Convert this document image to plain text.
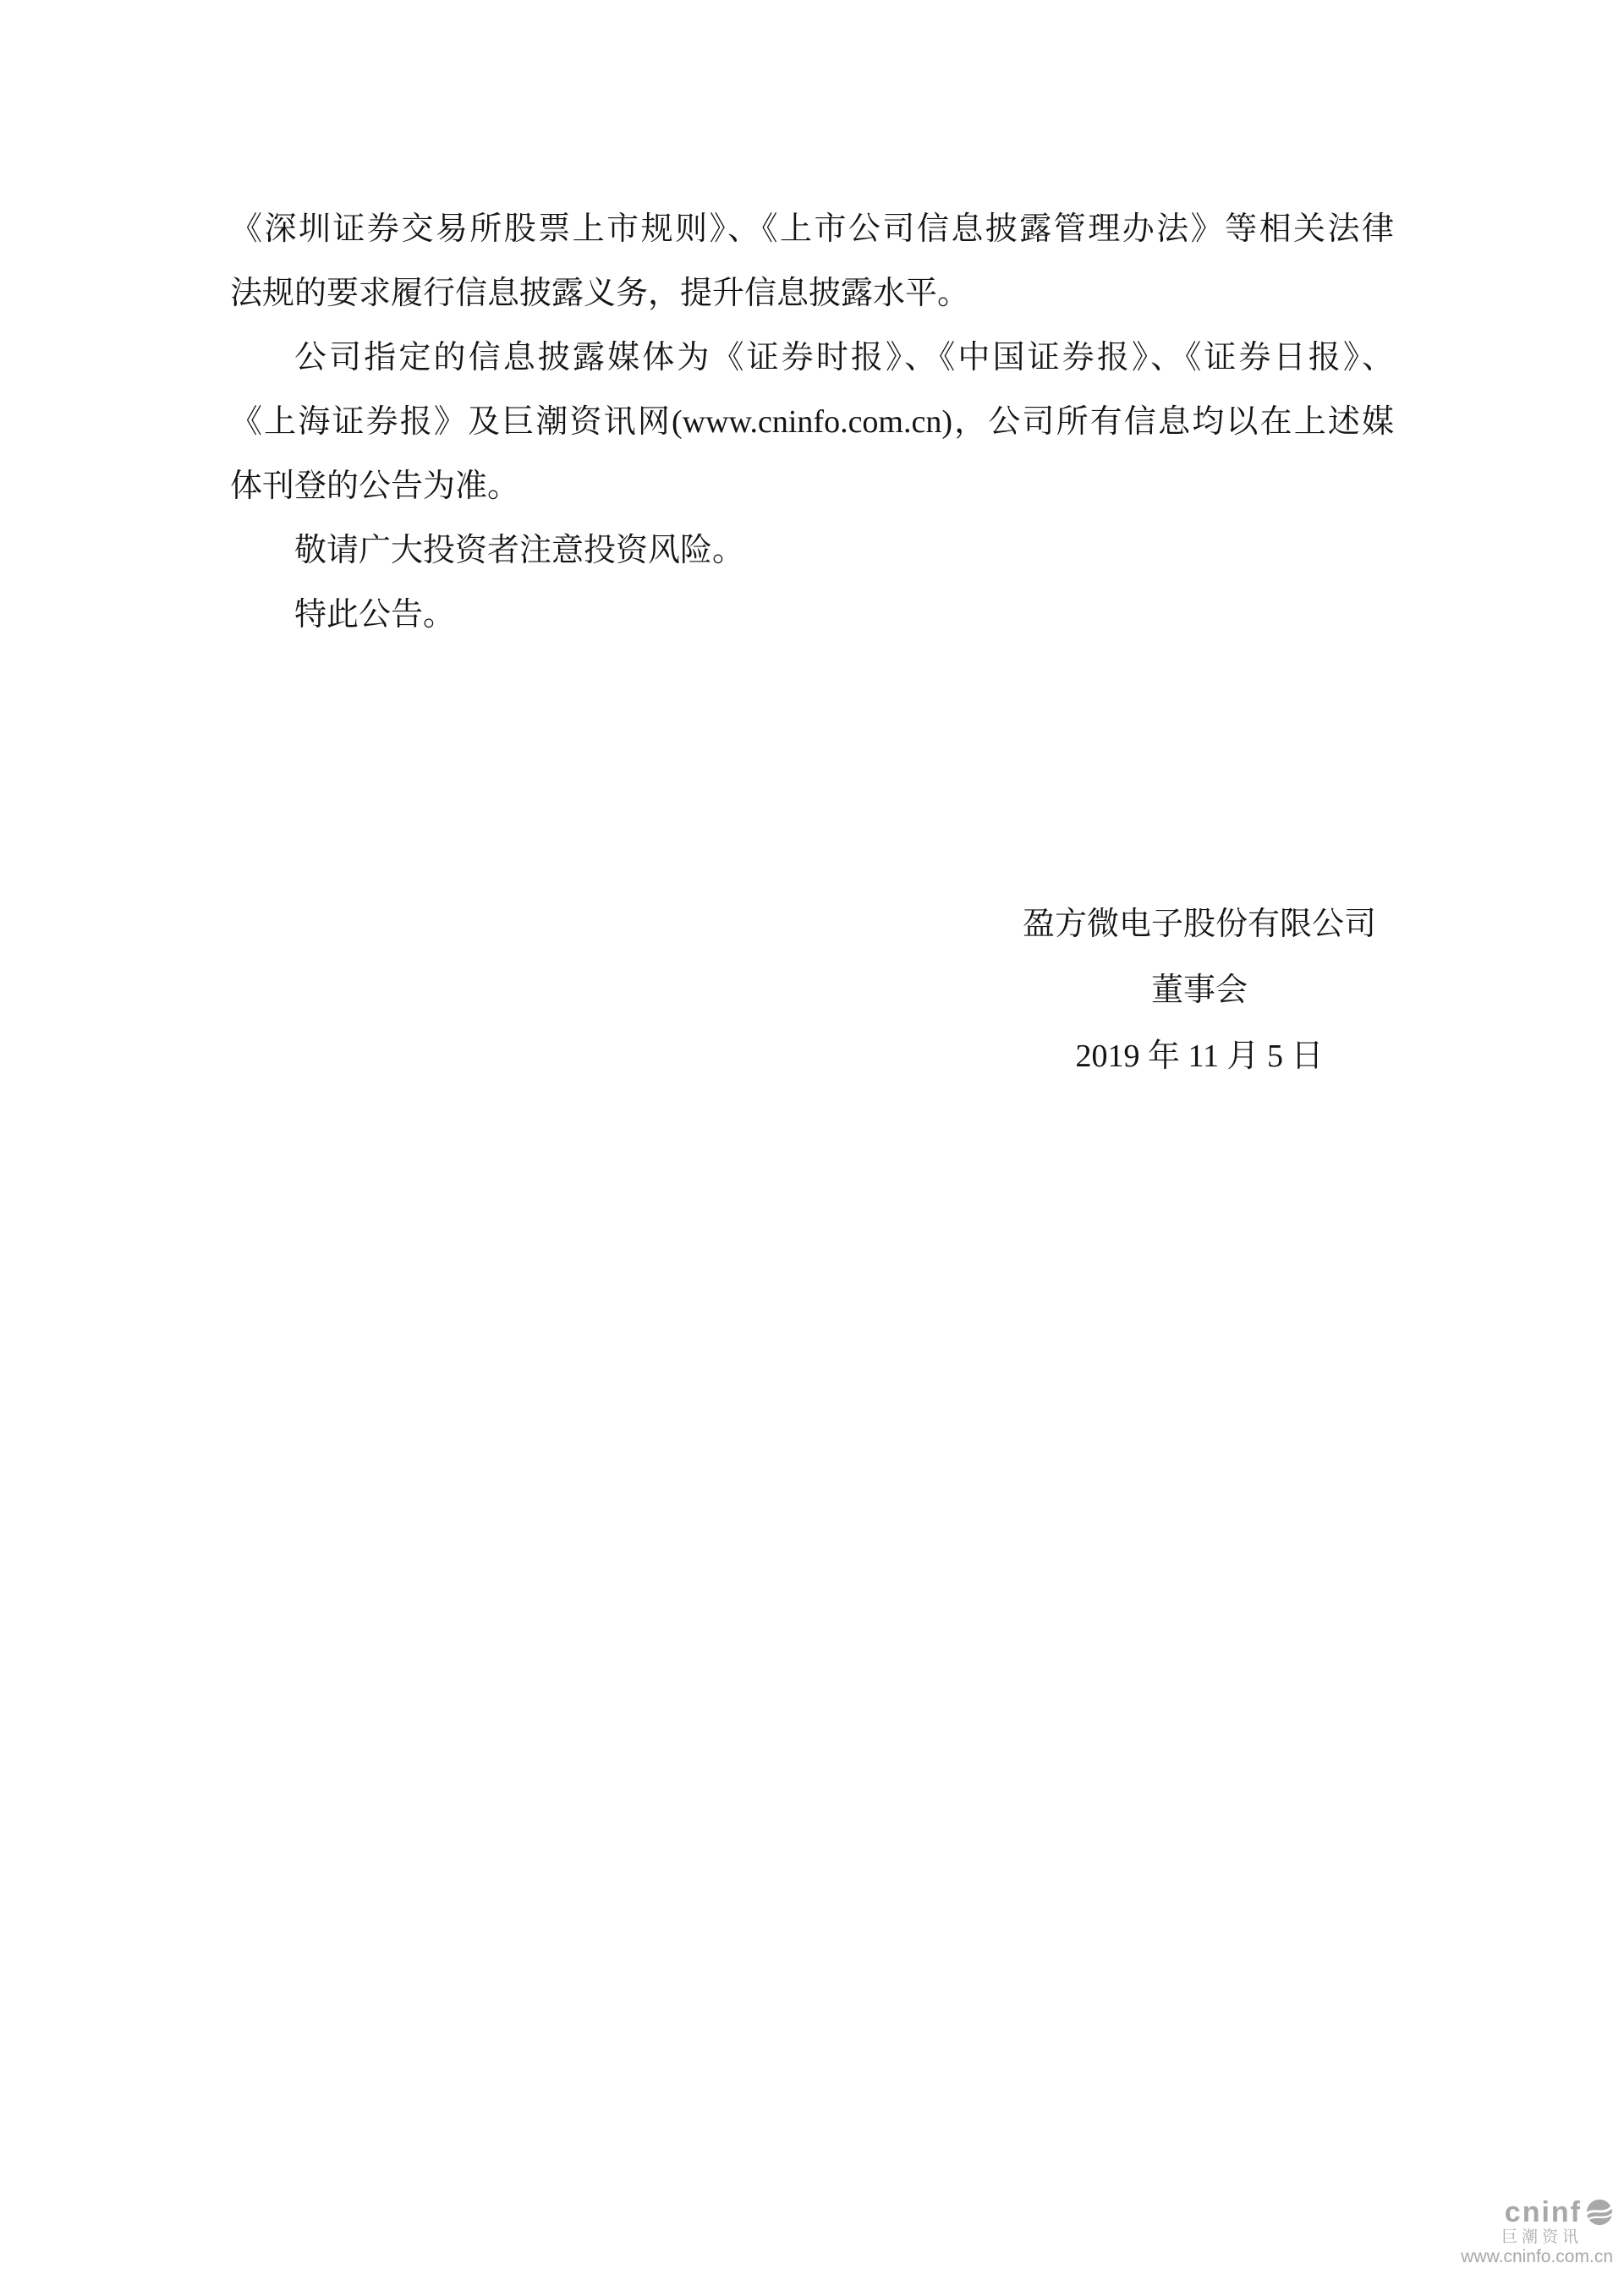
《深圳证券交易所股票上市规则》、《上市公司信息披露管理办法》等相关法律
法规的要求履行信息披露义务，提升信息披露水平。
公司指定的信息披露媒体为《证券时报》、《中国证券报》、《证券日报》、
《上海证券报》及巨潮资讯网(www.cninfo.com.cn)，公司所有信息均以在上述媒
体刊登的公告为准。
敬请广大投资者注意投资风险。
特此公告。
盈方微电子股份有限公司
董事会
2019 年 11 月 5 日
cninf
巨潮资讯
www.cninfo.com.cn
